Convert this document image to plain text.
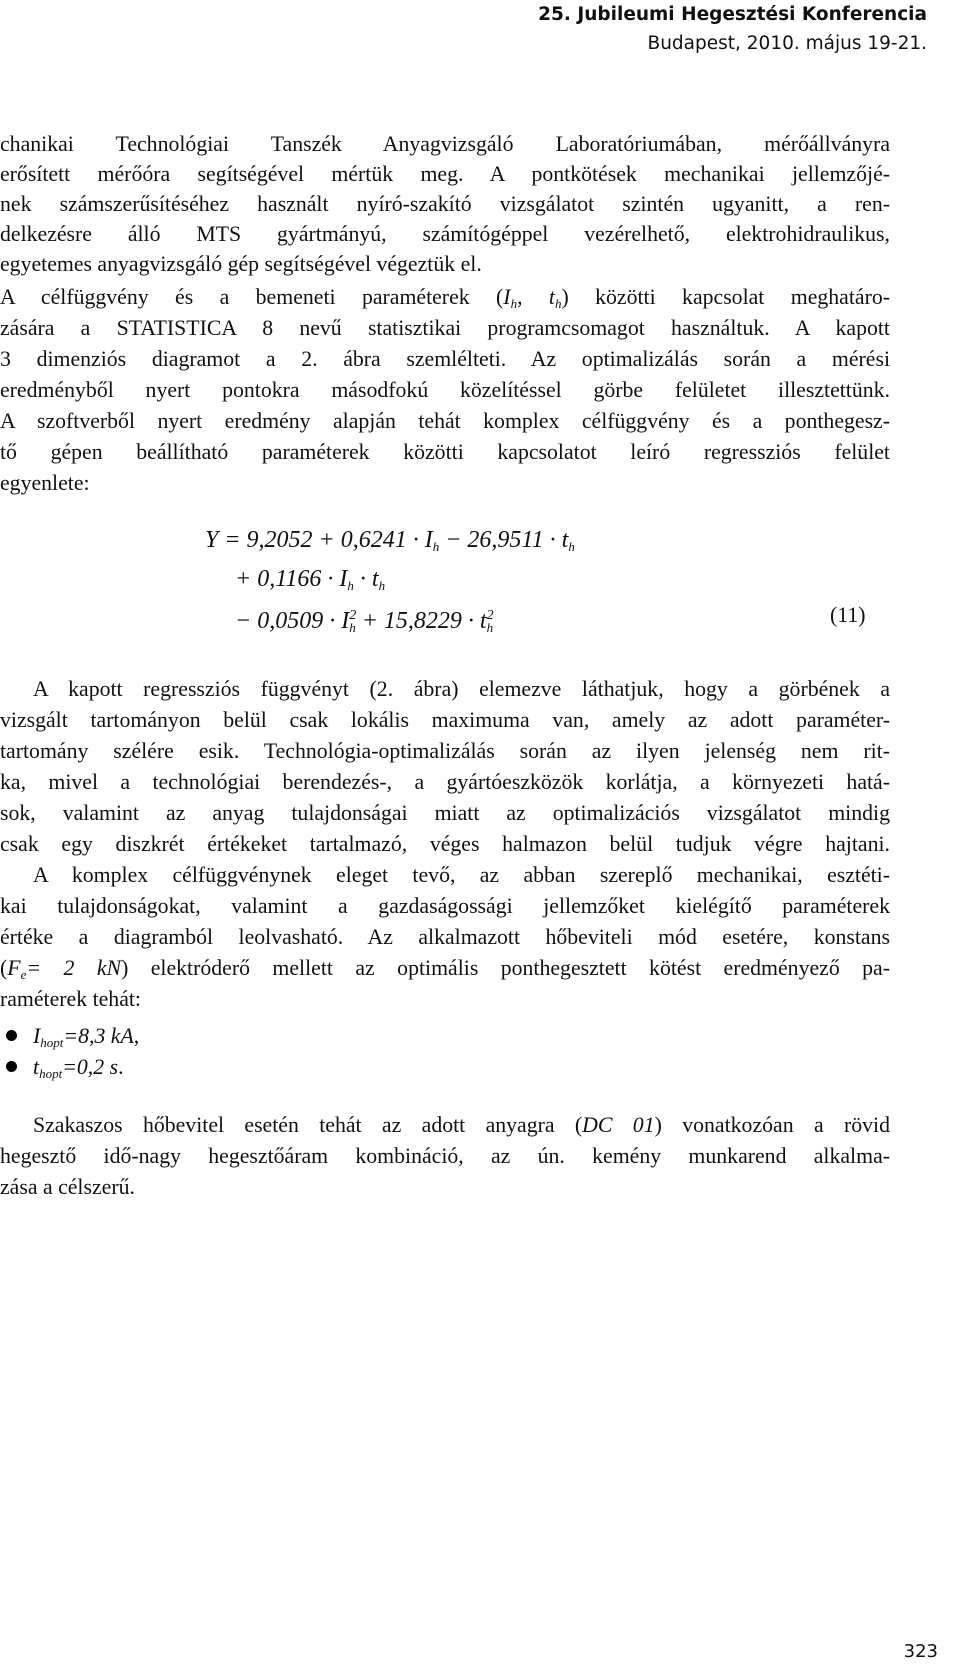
25. Jubileumi Hegesztési Konferencia
Budapest, 2010. május 19-21.
chanikai Technológiai Tanszék Anyagvizsgáló Laboratóriumában, mérőállványra
erősített mérőóra segítségével mértük meg. A pontkötések mechanikai jellemzőjé-
nek számszerűsítéséhez használt nyíró-szakító vizsgálatot szintén ugyanitt, a ren-
delkezésre álló MTS gyártmányú, számítógéppel vezérelhető, elektrohidraulikus,
egyetemes anyagvizsgáló gép segítségével végeztük el.
A célfüggvény és a bemeneti paraméterek ($I_h$, $t_h$) közötti kapcsolat meghatáro-
zására a STATISTICA 8 nevű statisztikai programcsomagot használtuk. A kapott
3 dimenziós diagramot a 2. ábra szemlélteti. Az optimalizálás során a mérési
eredményből nyert pontokra másodfokú közelítéssel görbe felületet illesztettünk.
A szoftverből nyert eredmény alapján tehát komplex célfüggvény és a ponthegesz-
tő gépen beállítható paraméterek közötti kapcsolatot leíró regressziós felület
egyenlete:
$Y = 9,2052 + 0,6241 \cdot I_h - 26,9511 \cdot t_h$
+ $0,1166 \cdot I_h \cdot t_h$
(11)
− $0,0509 \cdot I^2_h + 15,8229 \cdot t^2_h$
A kapott regressziós függvényt (2. ábra) elemezve láthatjuk, hogy a görbének a
vizsgált tartományon belül csak lokális maximuma van, amely az adott paraméter-
tartomány szélére esik. Technológia-optimalizálás során az ilyen jelenség nem rit-
ka, mivel a technológiai berendezés-, a gyártóeszközök korlátja, a környezeti hatá-
sok, valamint az anyag tulajdonságai miatt az optimalizációs vizsgálatot mindig
csak egy diszkrét értékeket tartalmazó, véges halmazon belül tudjuk végre hajtani.
A komplex célfüggvénynek eleget tevő, az abban szereplő mechanikai, esztéti-
kai tulajdonságokat, valamint a gazdaságossági jellemzőket kielégítő paraméterek
értéke a diagramból leolvasható. Az alkalmazott hőbeviteli mód esetére, konstans
($F_e= 2$ kN) elektróderő mellett az optimális ponthegesztett kötést eredményező pa-
raméterek tehát:
$I_{hopt}=8,3$ kA,
$t_{hopt}=0,2$ s.
Szakaszos hőbevitel esetén tehát az adott anyagra (DC 01) vonatkozóan a rövid
hegesztő idő-nagy hegesztőáram kombináció, az ún. kemény munkarend alkalma-
zása a célszerű.
323
